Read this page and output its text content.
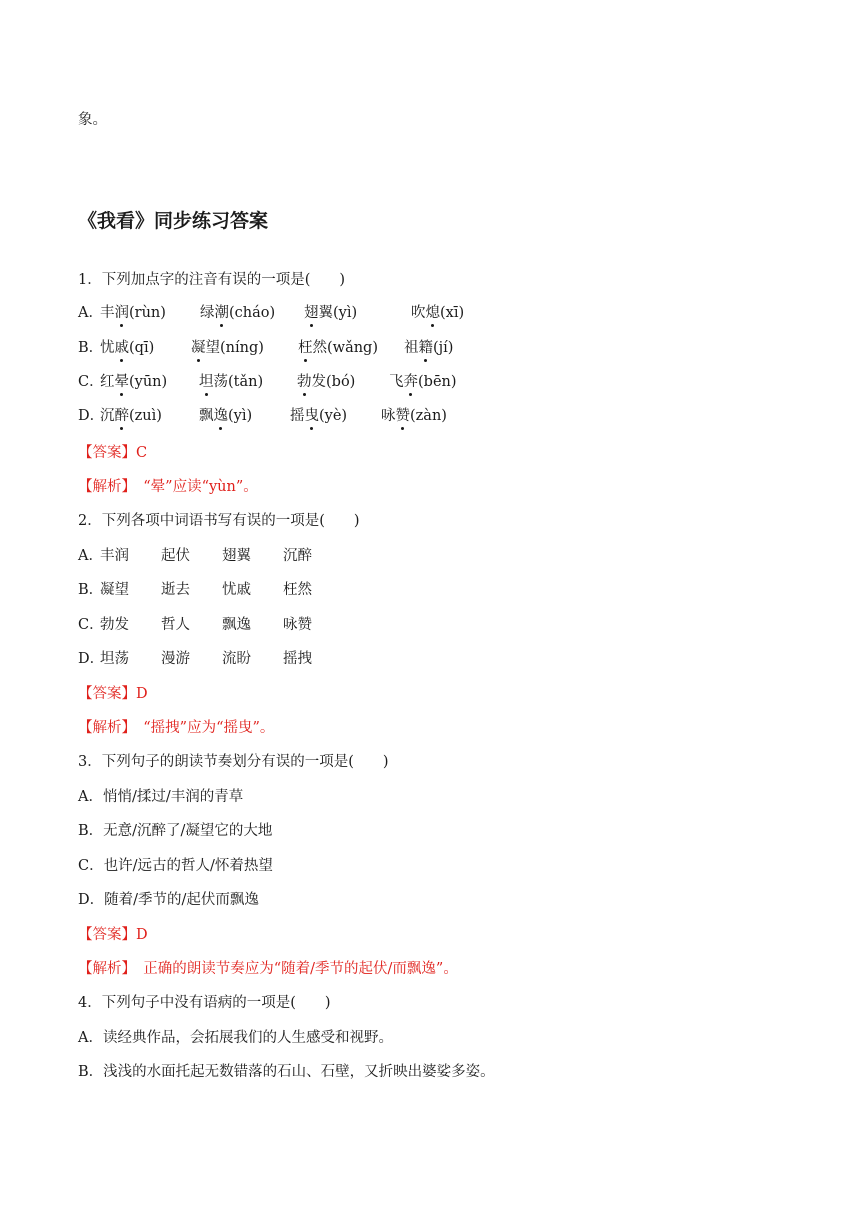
象。
《我看》同步练习答案
1．下列加点字的注音有误的一项是(　　)
A．
丰润(rùn) 绿潮(cháo) 翅翼(yì)	吹熄(xī)
B．
忧戚(qī)	凝望(níng) 枉然(wǎng) 祖籍(jí)
C．
红晕(yūn) 坦荡(tǎn) 勃发(bó) 飞奔(bēn)
D．
沉醉(zuì)	飘逸(yì)	摇曳(yè) 咏赞(zàn)
【答案】C
【解析】　 “晕”应读“yùn”。
2．下列各项中词语书写有误的一项是(　　)
A．
丰润 起伏 翅翼 沉醉
B．
凝望 逝去 忧戚 枉然
C．
勃发 哲人 飘逸 咏赞
D．
坦荡 漫游 流盼 摇拽
【答案】D
【解析】　 “摇拽”应为“摇曳”。
3．下列句子的朗读节奏划分有误的一项是(　　)
A．悄悄/揉过/丰润的青草
B．无意/沉醉了/凝望它的大地
C．也许/远古的哲人/怀着热望
D．随着/季节的/起伏而飘逸
【答案】D
【解析】　 正确的朗读节奏应为“随着/季节的起伏/而飘逸”。
4．下列句子中没有语病的一项是(　　)
A．读经典作品，会拓展我们的人生感受和视野。
B．浅浅的水面托起无数错落的石山、石壁，又折映出婆娑多姿。
